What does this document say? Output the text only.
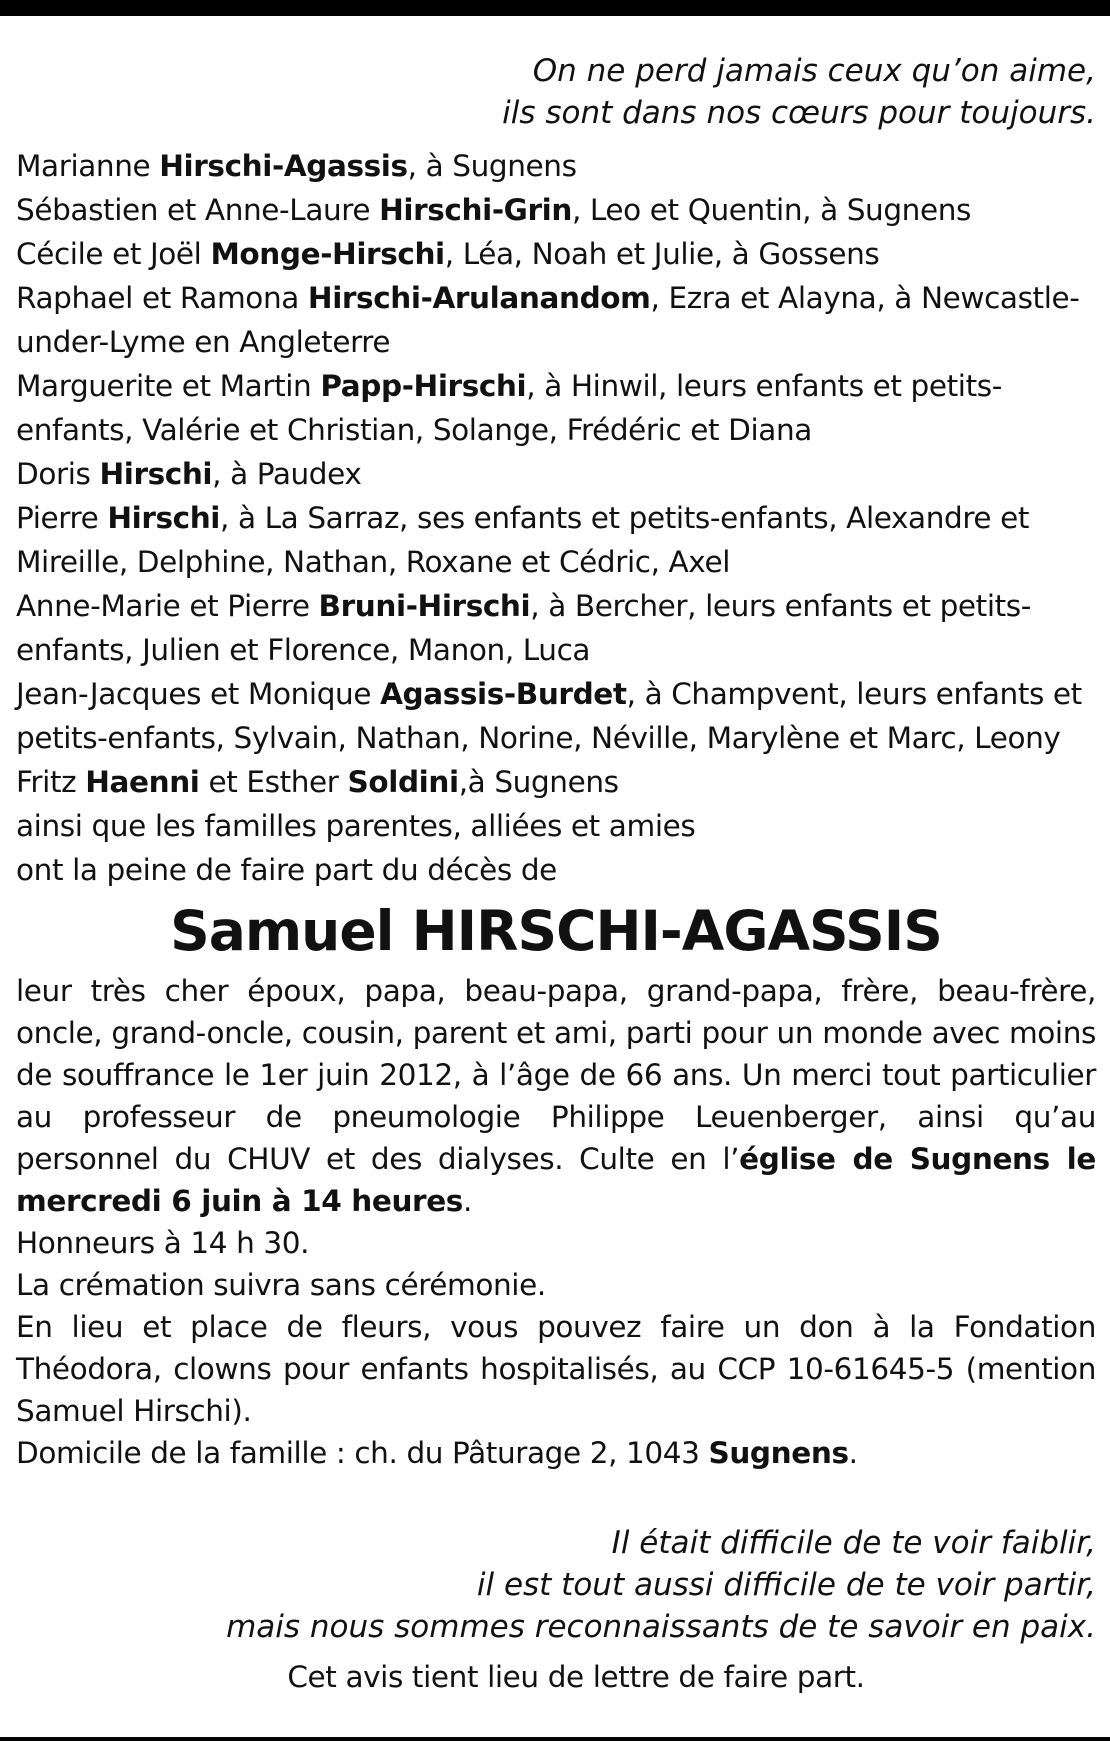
On ne perd jamais ceux qu’on aime,
ils sont dans nos cœurs pour toujours.

Marianne Hirschi-Agassis, à Sugnens
Sébastien et Anne-Laure Hirschi-Grin, Leo et Quentin, à Sugnens
Cécile et Joël Monge-Hirschi, Léa, Noah et Julie, à Gossens
Raphael et Ramona Hirschi-Arulanandom, Ezra et Alayna, à Newcastle-under-Lyme en Angleterre
Marguerite et Martin Papp-Hirschi, à Hinwil, leurs enfants et petits-enfants, Valérie et Christian, Solange, Frédéric et Diana
Doris Hirschi, à Paudex
Pierre Hirschi, à La Sarraz, ses enfants et petits-enfants, Alexandre et Mireille, Delphine, Nathan, Roxane et Cédric, Axel
Anne-Marie et Pierre Bruni-Hirschi, à Bercher, leurs enfants et petits-enfants, Julien et Florence, Manon, Luca
Jean-Jacques et Monique Agassis-Burdet, à Champvent, leurs enfants et petits-enfants, Sylvain, Nathan, Norine, Néville, Marylène et Marc, Leony
Fritz Haenni et Esther Soldini,à Sugnens
ainsi que les familles parentes, alliées et amies
ont la peine de faire part du décès de
Samuel HIRSCHI-AGASSIS
leur très cher époux, papa, beau-papa, grand-papa, frère, beau-frère, oncle, grand-oncle, cousin, parent et ami, parti pour un monde avec moins de souffrance le 1er juin 2012, à l’âge de 66 ans. Un merci tout particulier au professeur de pneumologie Philippe Leuenberger, ainsi qu’au personnel du CHUV et des dialyses. Culte en l’église de Sugnens le mercredi 6 juin à 14 heures.
Honneurs à 14 h 30.
La crémation suivra sans cérémonie.
En lieu et place de fleurs, vous pouvez faire un don à la Fondation Théodora, clowns pour enfants hospitalisés, au CCP 10-61645-5 (mention Samuel Hirschi).
Domicile de la famille : ch. du Pâturage 2, 1043 Sugnens.

Il était difficile de te voir faiblir,
il est tout aussi difficile de te voir partir,
mais nous sommes reconnaissants de te savoir en paix.

Cet avis tient lieu de lettre de faire part.
